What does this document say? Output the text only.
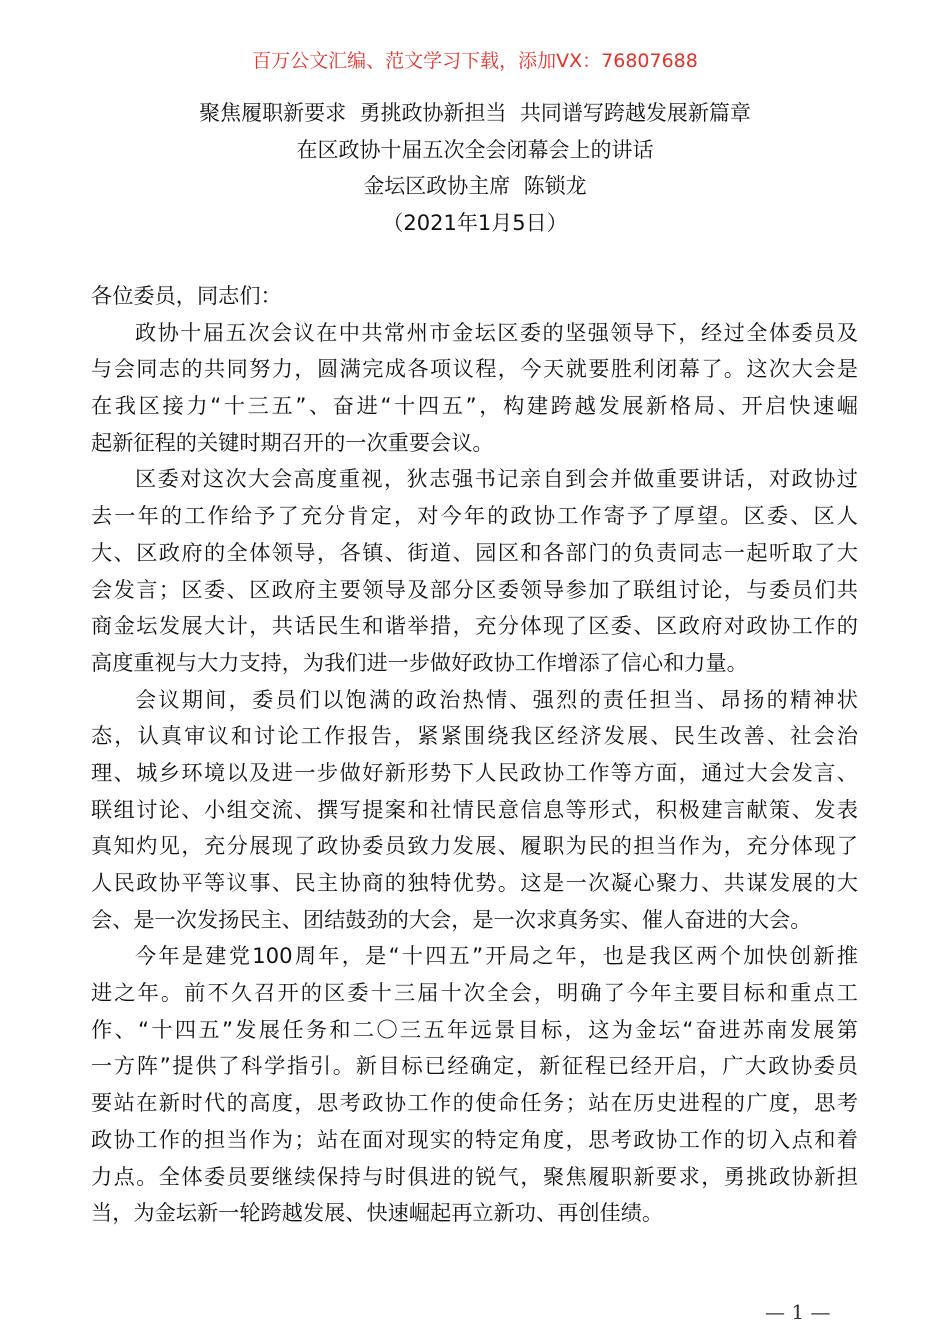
百万公文汇编、范文学习下载，添加VX：76807688
聚焦履职新要求  勇挑政协新担当  共同谱写跨越发展新篇章
在区政协十届五次全会闭幕会上的讲话
金坛区政协主席  陈锁龙
（2021年1月5日）
各位委员，同志们：
政协十届五次会议在中共常州市金坛区委的坚强领导下，经过全体委员及
与会同志的共同努力，圆满完成各项议程，今天就要胜利闭幕了。这次大会是
在我区接力“十三五”、奋进“十四五”，构建跨越发展新格局、开启快速崛
起新征程的关键时期召开的一次重要会议。
区委对这次大会高度重视，狄志强书记亲自到会并做重要讲话，对政协过
去一年的工作给予了充分肯定，对今年的政协工作寄予了厚望。区委、区人
大、区政府的全体领导，各镇、街道、园区和各部门的负责同志一起听取了大
会发言；区委、区政府主要领导及部分区委领导参加了联组讨论，与委员们共
商金坛发展大计，共话民生和谐举措，充分体现了区委、区政府对政协工作的
高度重视与大力支持，为我们进一步做好政协工作增添了信心和力量。
会议期间，委员们以饱满的政治热情、强烈的责任担当、昂扬的精神状
态，认真审议和讨论工作报告，紧紧围绕我区经济发展、民生改善、社会治
理、城乡环境以及进一步做好新形势下人民政协工作等方面，通过大会发言、
联组讨论、小组交流、撰写提案和社情民意信息等形式，积极建言献策、发表
真知灼见，充分展现了政协委员致力发展、履职为民的担当作为，充分体现了
人民政协平等议事、民主协商的独特优势。这是一次凝心聚力、共谋发展的大
会、是一次发扬民主、团结鼓劲的大会，是一次求真务实、催人奋进的大会。
今年是建党100周年，是“十四五”开局之年，也是我区两个加快创新推
进之年。前不久召开的区委十三届十次全会，明确了今年主要目标和重点工
作、“十四五”发展任务和二〇三五年远景目标，这为金坛“奋进苏南发展第
一方阵”提供了科学指引。新目标已经确定，新征程已经开启，广大政协委员
要站在新时代的高度，思考政协工作的使命任务；站在历史进程的广度，思考
政协工作的担当作为；站在面对现实的特定角度，思考政协工作的切入点和着
力点。全体委员要继续保持与时俱进的锐气，聚焦履职新要求，勇挑政协新担
当，为金坛新一轮跨越发展、快速崛起再立新功、再创佳绩。
— 1 —
